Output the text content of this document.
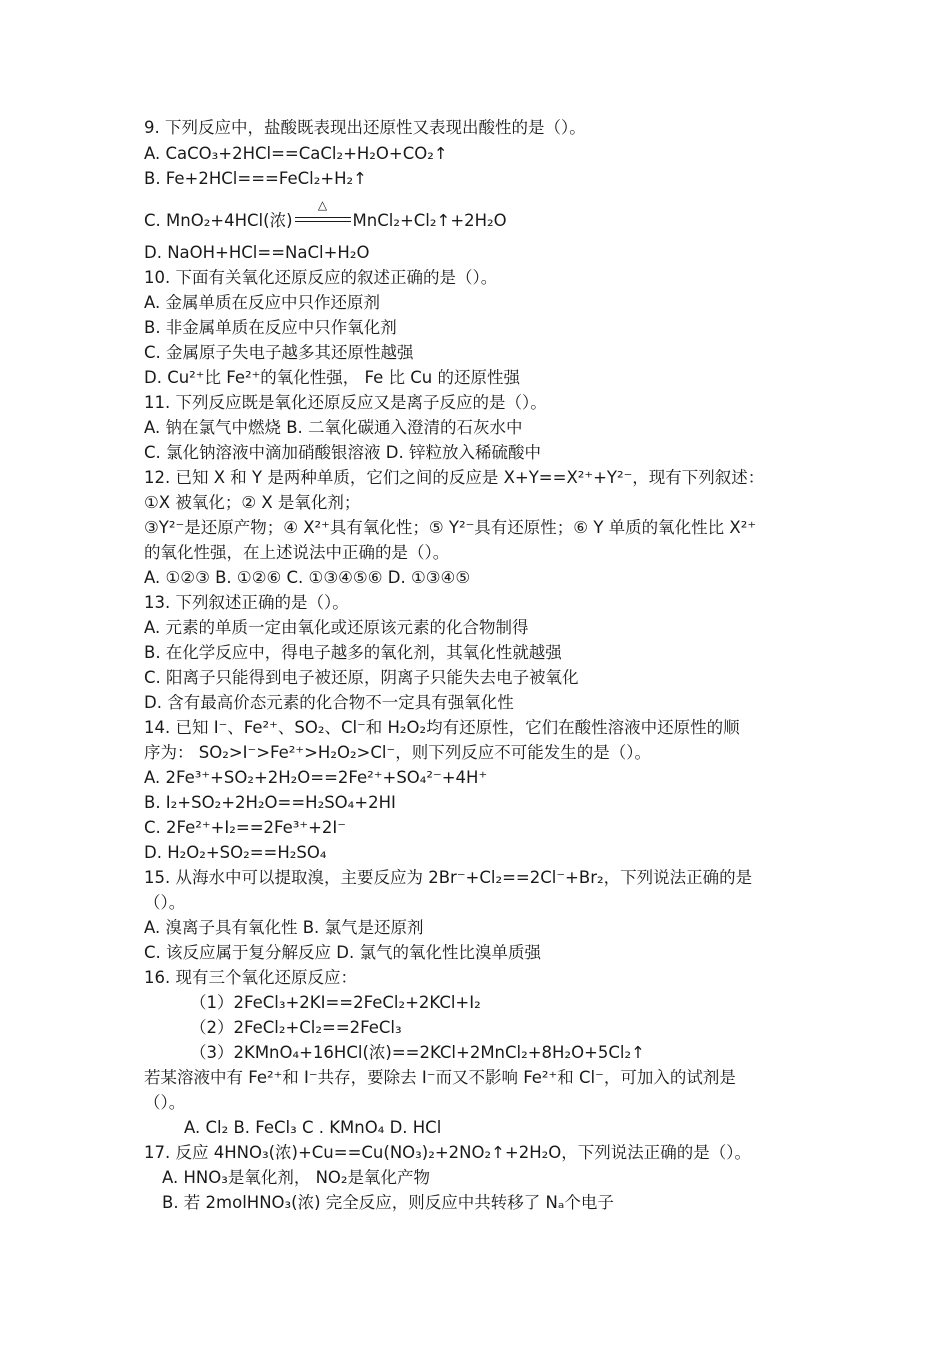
9. 下列反应中，盐酸既表现出还原性又表现出酸性的是（）。
A. CaCO₃+2HCl==CaCl₂+H₂O+CO₂↑
B. Fe+2HCl===FeCl₂+H₂↑
C. MnO₂+4HCl(浓)
△
MnCl₂+Cl₂↑+2H₂O
D. NaOH+HCl==NaCl+H₂O
10. 下面有关氧化还原反应的叙述正确的是（）。
A. 金属单质在反应中只作还原剂
B. 非金属单质在反应中只作氧化剂
C. 金属原子失电子越多其还原性越强
D. Cu²⁺比 Fe²⁺的氧化性强， Fe 比 Cu 的还原性强
11. 下列反应既是氧化还原反应又是离子反应的是（）。
A. 钠在氯气中燃烧 B. 二氧化碳通入澄清的石灰水中
C. 氯化钠溶液中滴加硝酸银溶液 D. 锌粒放入稀硫酸中
12. 已知 X 和 Y 是两种单质，它们之间的反应是 X+Y==X²⁺+Y²⁻，现有下列叙述：
①X 被氧化；② X 是氧化剂；
③Y²⁻是还原产物；④ X²⁺具有氧化性；⑤ Y²⁻具有还原性；⑥ Y 单质的氧化性比 X²⁺
的氧化性强，在上述说法中正确的是（）。
A. ①②③ B. ①②⑥ C. ①③④⑤⑥ D. ①③④⑤
13. 下列叙述正确的是（）。
A. 元素的单质一定由氧化或还原该元素的化合物制得
B. 在化学反应中，得电子越多的氧化剂，其氧化性就越强
C. 阳离子只能得到电子被还原，阴离子只能失去电子被氧化
D. 含有最高价态元素的化合物不一定具有强氧化性
14. 已知 I⁻、Fe²⁺、SO₂、Cl⁻和 H₂O₂均有还原性，它们在酸性溶液中还原性的顺
序为： SO₂>I⁻>Fe²⁺>H₂O₂>Cl⁻，则下列反应不可能发生的是（）。
A. 2Fe³⁺+SO₂+2H₂O==2Fe²⁺+SO₄²⁻+4H⁺
B. I₂+SO₂+2H₂O==H₂SO₄+2HI
C. 2Fe²⁺+I₂==2Fe³⁺+2I⁻
D. H₂O₂+SO₂==H₂SO₄
15. 从海水中可以提取溴，主要反应为 2Br⁻+Cl₂==2Cl⁻+Br₂，下列说法正确的是
（）。
A. 溴离子具有氧化性 B. 氯气是还原剂
C. 该反应属于复分解反应 D. 氯气的氧化性比溴单质强
16. 现有三个氧化还原反应：
（1）2FeCl₃+2KI==2FeCl₂+2KCl+I₂
（2）2FeCl₂+Cl₂==2FeCl₃
（3）2KMnO₄+16HCl(浓)==2KCl+2MnCl₂+8H₂O+5Cl₂↑
若某溶液中有 Fe²⁺和 I⁻共存，要除去 I⁻而又不影响 Fe²⁺和 Cl⁻，可加入的试剂是
（）。
A. Cl₂ B. FeCl₃ C . KMnO₄ D. HCl
17. 反应 4HNO₃(浓)+Cu==Cu(NO₃)₂+2NO₂↑+2H₂O，下列说法正确的是（）。
A. HNO₃是氧化剂， NO₂是氧化产物
B. 若 2molHNO₃(浓) 完全反应，则反应中共转移了 Nₐ个电子
